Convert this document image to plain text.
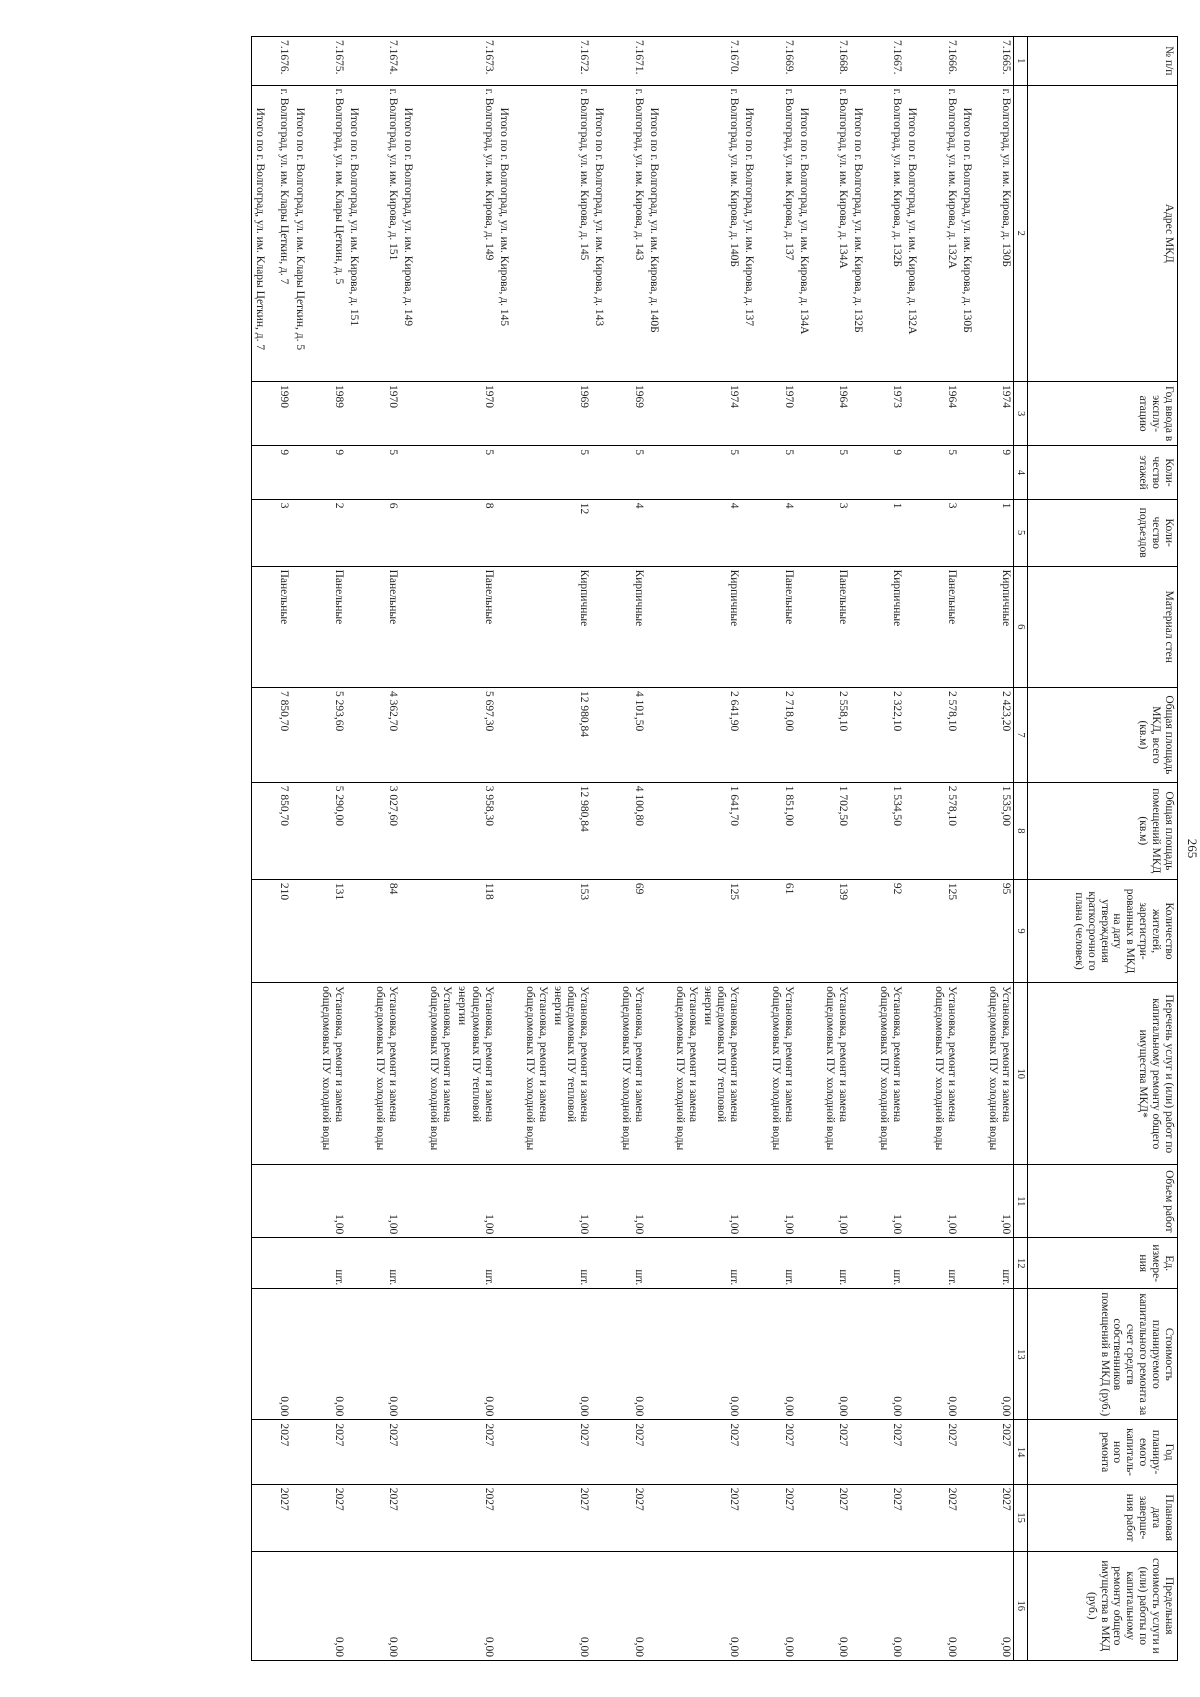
265
№ п/п	Адрес МКД	Год ввода в эксплу-атацию	Коли-чество этажей	Коли-чество подъездов	Материал стен	Общая площадь МКД, всего (кв.м)	Общая площадь помещений МКД (кв.м)	Количество жителей, зарегистри-рованных в МКД на дату утверждения краткосрочно го плана (человек)	Перечень услуг и (или) работ по капитальному ремонту общего имущества МКД*	Объем работ	Ед. измере-ния	Стоимость планируемого капитального ремонта за счет средств собственников помещений в МКД (руб.)	Год планиру-емого капиталь-ного ремонта	Плановая дата заверше-ния работ	Предельная стоимость услуги и (или) работы по капитальному ремонту общего имущества в МКД (руб.)
1	2	3	4	5	6	7	8	9	10	11	12	13	14	15	16
7.1665.	г. Волгоград, ул. им. Кирова, д. 130Б	1974	9	1	Кирпичные	2 423,20	1 535,00	95	Установка, ремонт и замена общедомовых ПУ холодной воды	1,00	шт.	0,00	2027	2027	0,00
	Итого по г. Волгоград, ул. им. Кирова, д. 130Б														
7.1666.	г. Волгоград, ул. им. Кирова, д. 132А	1964	5	3	Панельные	2 578,10	2 578,10	125	Установка, ремонт и замена общедомовых ПУ холодной воды	1,00	шт.	0,00	2027	2027	0,00
	Итого по г. Волгоград, ул. им. Кирова, д. 132А														
7.1667.	г. Волгоград, ул. им. Кирова, д. 132Б	1973	9	1	Кирпичные	2 322,10	1 534,50	92	Установка, ремонт и замена общедомовых ПУ холодной воды	1,00	шт.	0,00	2027	2027	0,00
	Итого по г. Волгоград, ул. им. Кирова, д. 132Б														
7.1668.	г. Волгоград, ул. им. Кирова, д. 134А	1964	5	3	Панельные	2 558,10	1 702,50	139	Установка, ремонт и замена общедомовых ПУ холодной воды	1,00	шт.	0,00	2027	2027	0,00
	Итого по г. Волгоград, ул. им. Кирова, д. 134А														
7.1669.	г. Волгоград, ул. им. Кирова, д. 137	1970	5	4	Панельные	2 718,00	1 851,00	61	Установка, ремонт и замена общедомовых ПУ холодной воды	1,00	шт.	0,00	2027	2027	0,00
	Итого по г. Волгоград, ул. им. Кирова, д. 137														
7.1670.	г. Волгоград, ул. им. Кирова, д. 140Б	1974	5	4	Кирпичные	2 641,90	1 641,70	125	Установка, ремонт и замена общедомовых ПУ тепловой энергии
Установка, ремонт и замена общедомовых ПУ холодной воды	1,00	шт.	0,00	2027	2027	0,00
	Итого по г. Волгоград, ул. им. Кирова, д. 140Б														
7.1671.	г. Волгоград, ул. им. Кирова, д. 143	1969	5	4	Кирпичные	4 101,50	4 100,80	69	Установка, ремонт и замена общедомовых ПУ холодной воды	1,00	шт.	0,00	2027	2027	0,00
	Итого по г. Волгоград, ул. им. Кирова, д. 143														
7.1672.	г. Волгоград, ул. им. Кирова, д. 145	1969	5	12	Кирпичные	12 980,84	12 980,84	153	Установка, ремонт и замена общедомовых ПУ тепловой энергии
Установка, ремонт и замена общедомовых ПУ холодной воды	1,00	шт.	0,00	2027	2027	0,00
	Итого по г. Волгоград, ул. им. Кирова, д. 145														
7.1673.	г. Волгоград, ул. им. Кирова, д. 149	1970	5	8	Панельные	5 697,30	3 958,30	118	Установка, ремонт и замена общедомовых ПУ тепловой энергии
Установка, ремонт и замена общедомовых ПУ холодной воды	1,00	шт.	0,00	2027	2027	0,00
	Итого по г. Волгоград, ул. им. Кирова, д. 149														
7.1674.	г. Волгоград, ул. им. Кирова, д. 151	1970	5	6	Панельные	4 362,70	3 027,60	84	Установка, ремонт и замена общедомовых ПУ холодной воды	1,00	шт.	0,00	2027	2027	0,00
	Итого по г. Волгоград, ул. им. Кирова, д. 151														
7.1675.	г. Волгоград, ул. им. Клары Цеткин, д. 5	1989	9	2	Панельные	5 293,60	5 290,00	131	Установка, ремонт и замена общедомовых ПУ холодной воды	1,00	шт.	0,00	2027	2027	0,00
	Итого по г. Волгоград, ул. им. Клары Цеткин, д. 5														
7.1676.	г. Волгоград, ул. им. Клары Цеткин, д. 7	1990	9	3	Панельные	7 850,70	7 850,70	210				0,00	2027	2027	
	Итого по г. Волгоград, ул. им. Клары Цеткин, д. 7														
